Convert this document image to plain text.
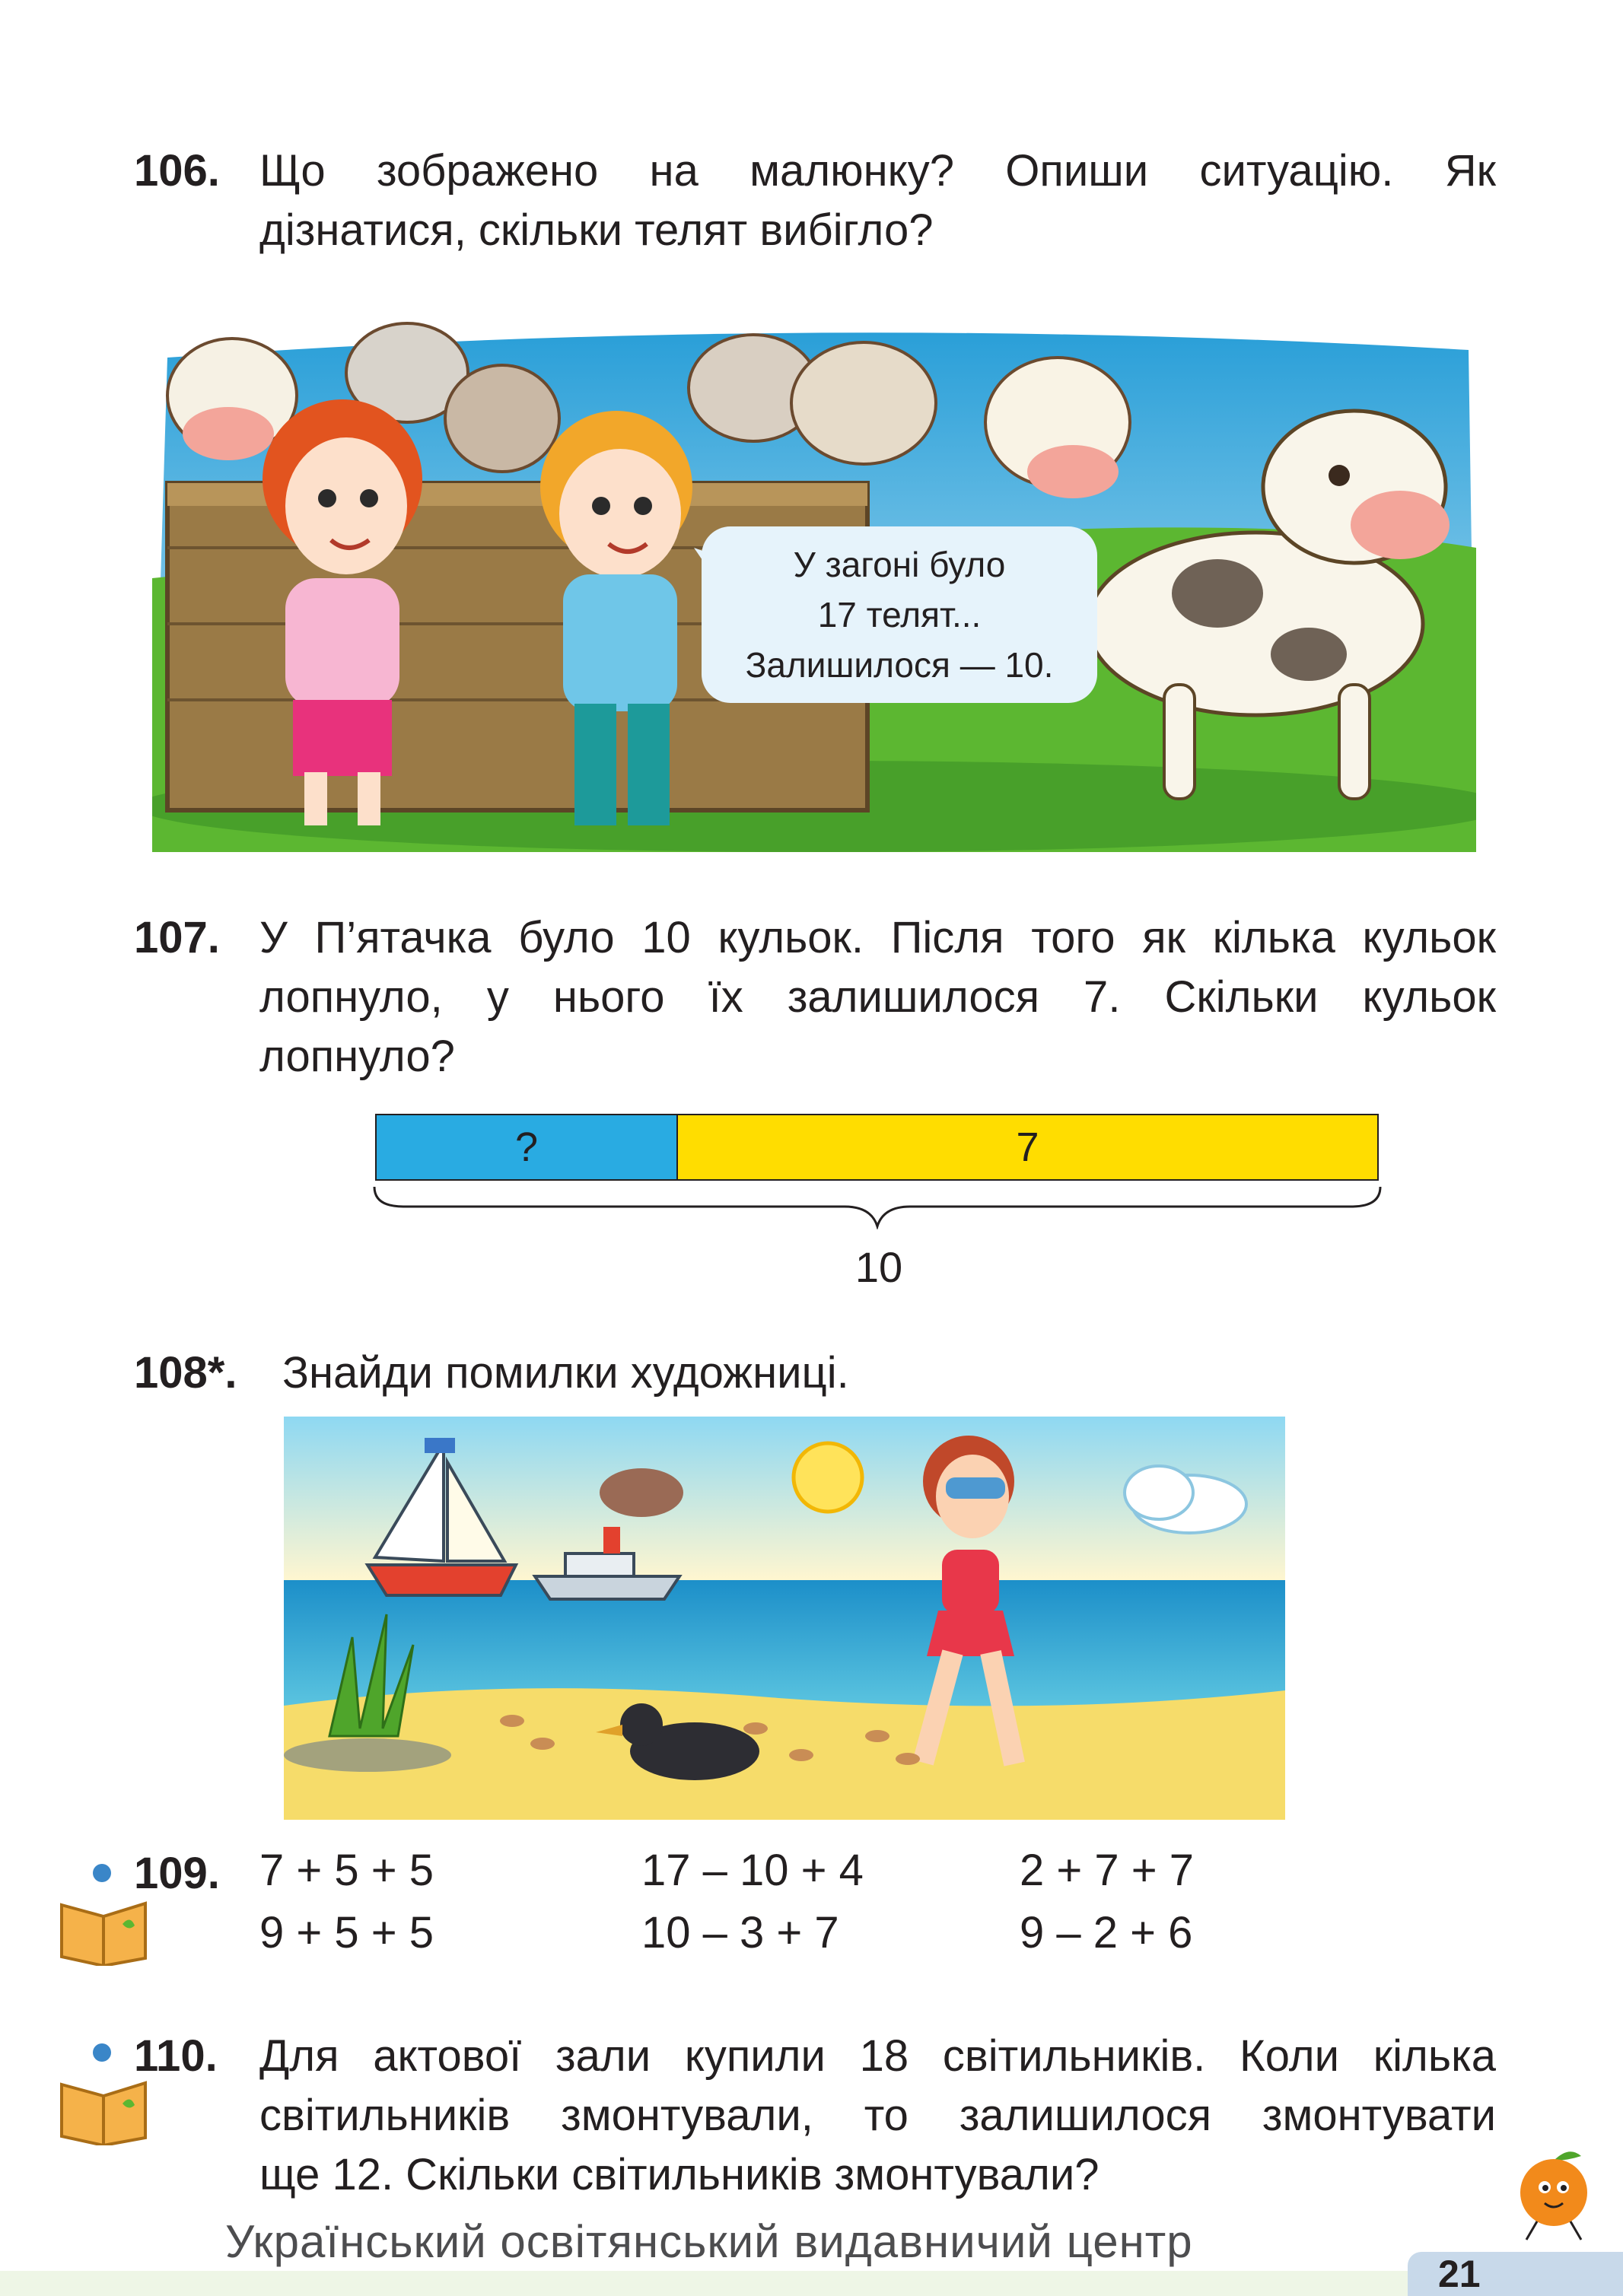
106. Що зображено на малюнку? Опиши ситуацію. Як
дізнатися, скільки телят вибігло?
У загоні було
17 телят...
Залишилося — 10.
107. У П’ятачка було 10 кульок. Після того як кілька кульок
лопнуло, у нього їх залишилося 7. Скільки кульок
лопнуло?
?	7
10
108*. Знайди помилки художниці.
109. 7 + 5 + 5	17 – 10 + 4	2 + 7 + 7
9 + 5 + 5	10 – 3 + 7	9 – 2 + 6
110. Для актової зали купили 18 світильників. Коли кілька
світильників змонтували, то залишилося змонтувати
ще 12. Скільки світильників змонтували?
Український освітянський видавничий центр
21
